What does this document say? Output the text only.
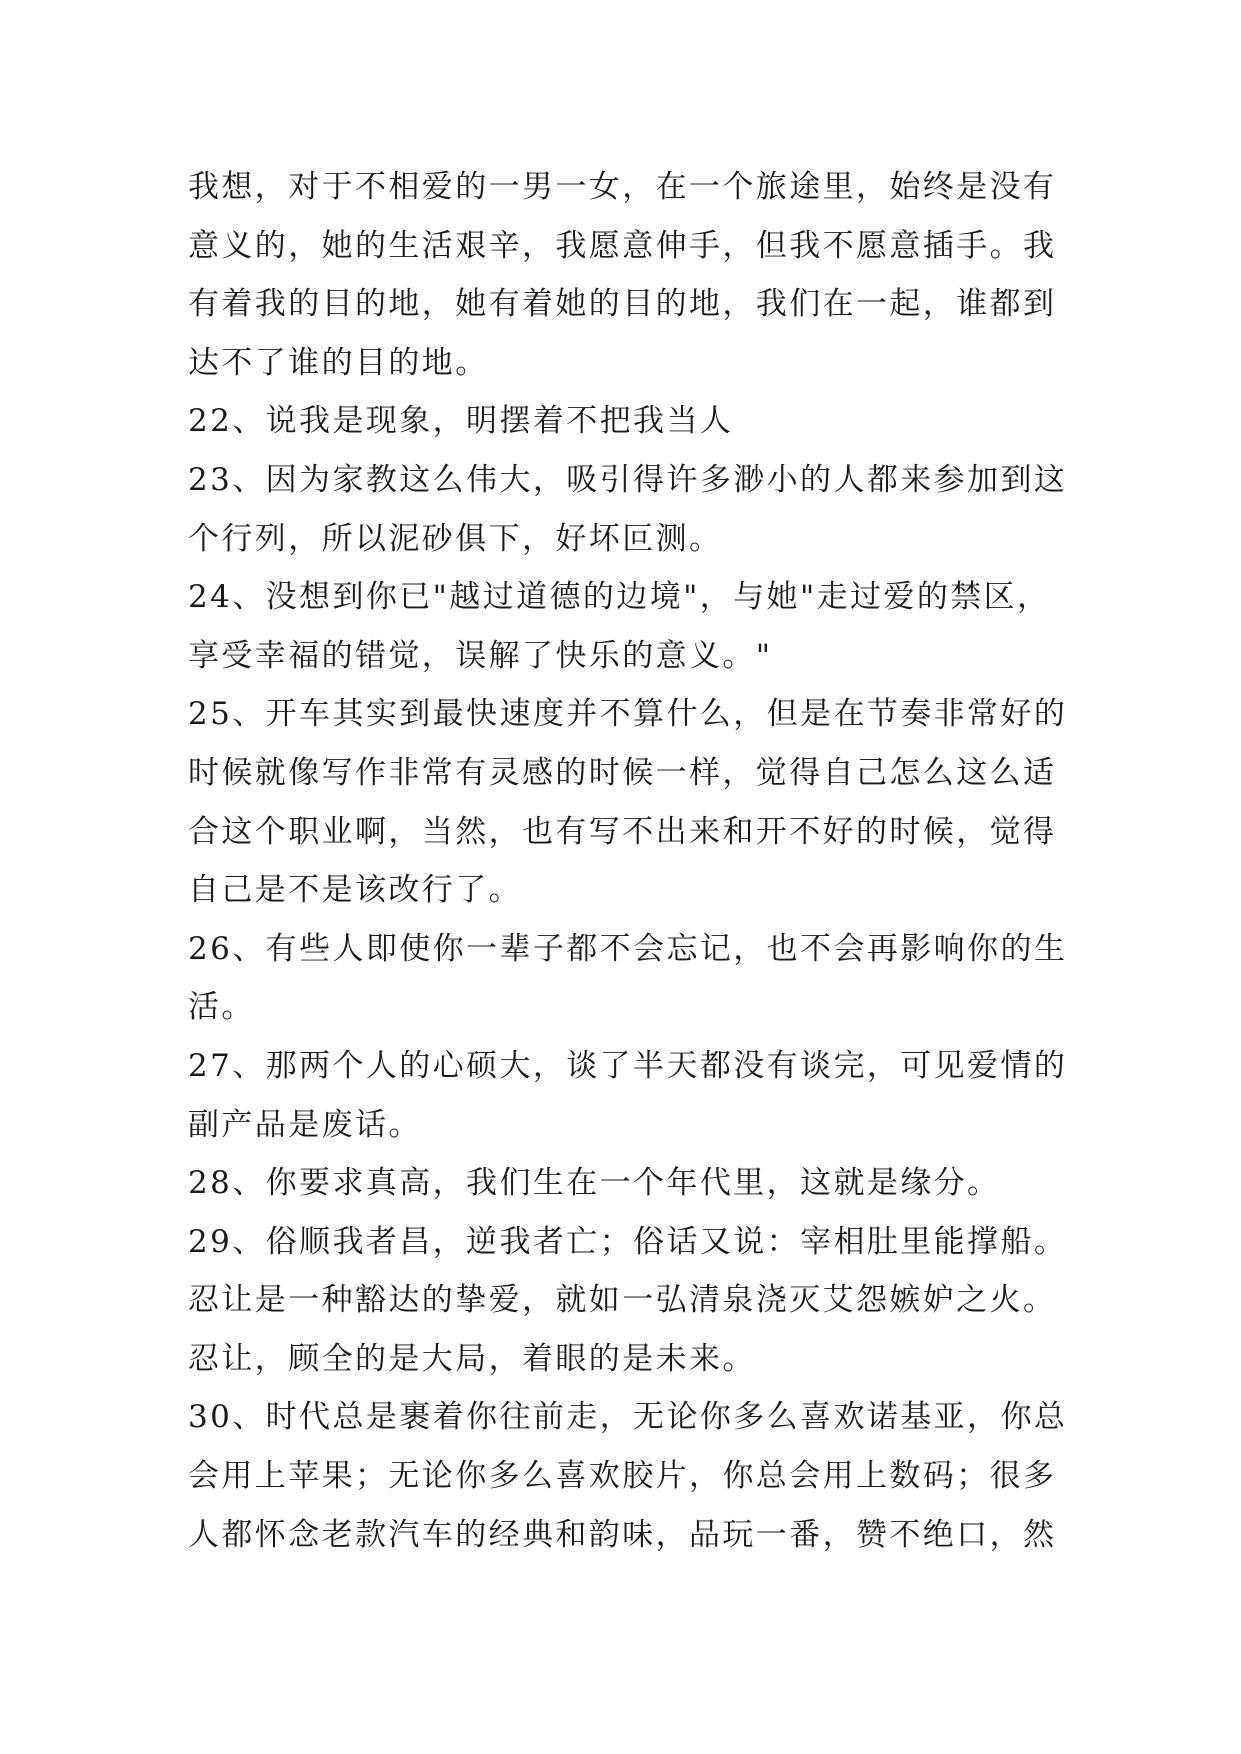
我想，对于不相爱的一男一女，在一个旅途里，始终是没有意义的，她的生活艰辛，我愿意伸手，但我不愿意插手。我有着我的目的地，她有着她的目的地，我们在一起，谁都到达不了谁的目的地。

22、说我是现象，明摆着不把我当人

23、因为家教这么伟大，吸引得许多渺小的人都来参加到这个行列，所以泥砂俱下，好坏叵测。

24、没想到你已"越过道德的边境"，与她"走过爱的禁区，享受幸福的错觉，误解了快乐的意义。"

25、开车其实到最快速度并不算什么，但是在节奏非常好的时候就像写作非常有灵感的时候一样，觉得自己怎么这么适合这个职业啊，当然，也有写不出来和开不好的时候，觉得自己是不是该改行了。

26、有些人即使你一辈子都不会忘记，也不会再影响你的生活。

27、那两个人的心硕大，谈了半天都没有谈完，可见爱情的副产品是废话。

28、你要求真高，我们生在一个年代里，这就是缘分。

29、俗顺我者昌，逆我者亡；俗话又说：宰相肚里能撑船。忍让是一种豁达的挚爱，就如一弘清泉浇灭艾怨嫉妒之火。忍让，顾全的是大局，着眼的是未来。

30、时代总是裹着你往前走，无论你多么喜欢诺基亚，你总会用上苹果；无论你多么喜欢胶片，你总会用上数码；很多人都怀念老款汽车的经典和韵味，品玩一番，赞不绝口，然
